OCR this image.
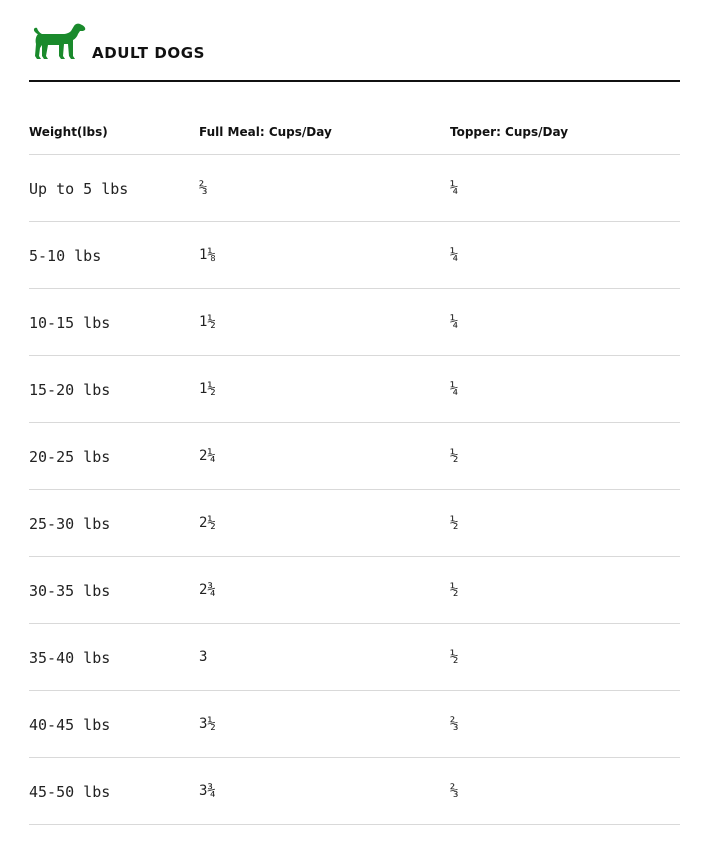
ADULT DOGS
Weight(lbs)	Full Meal: Cups/Day	Topper: Cups/Day
Up to 5 lbs	⅔	¼
5-10 lbs	1⅛	¼
10-15 lbs	1½	¼
15-20 lbs	1½	¼
20-25 lbs	2¼	½
25-30 lbs	2½	½
30-35 lbs	2¾	½
35-40 lbs	3	½
40-45 lbs	3½	⅔
45-50 lbs	3¾	⅔
